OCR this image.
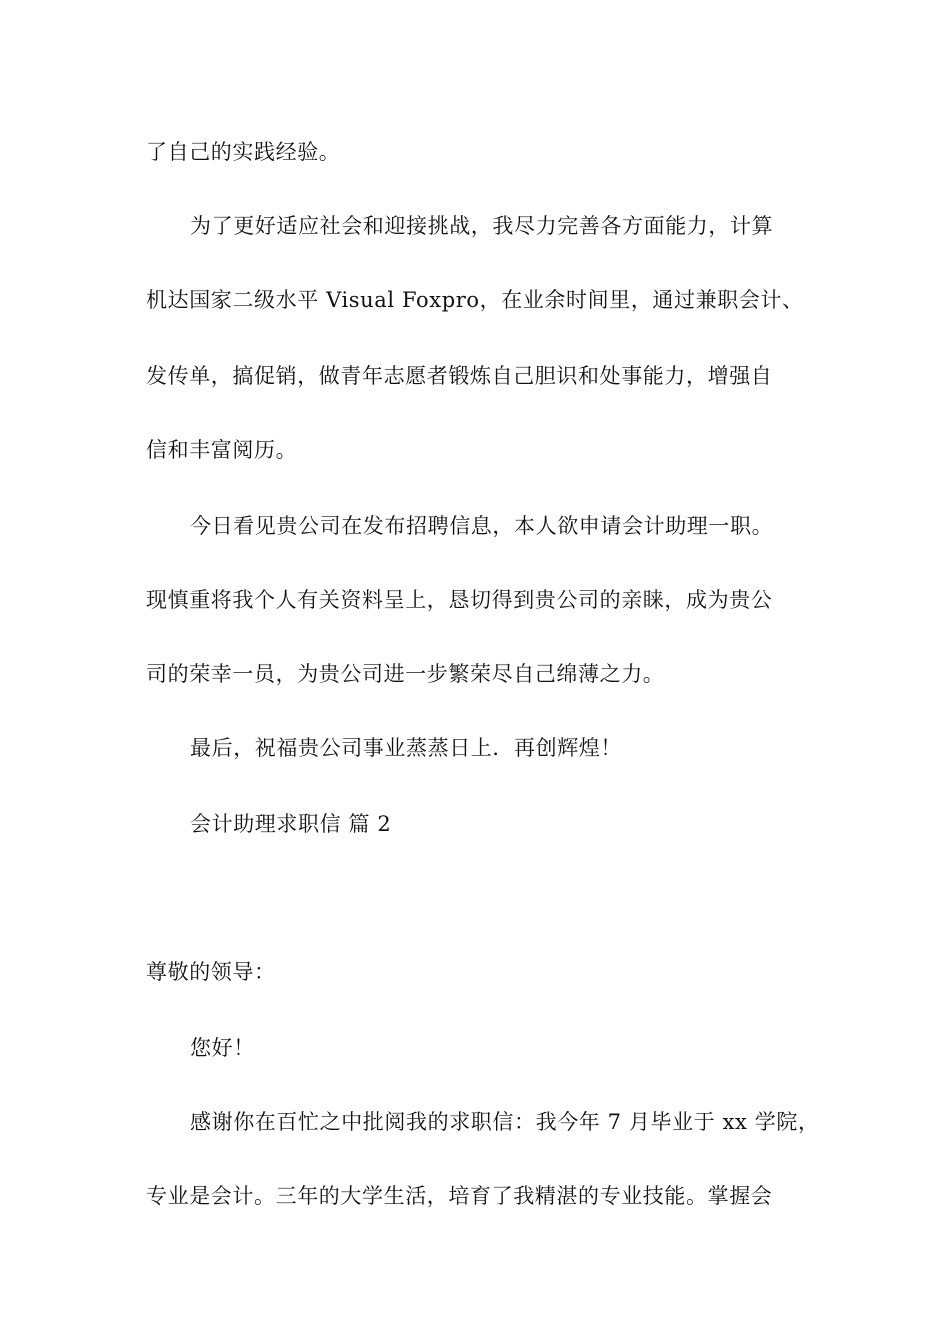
了自己的实践经验。
为了更好适应社会和迎接挑战，我尽力完善各方面能力，计算
机达国家二级水平 Visual Foxpro，在业余时间里，通过兼职会计、
发传单，搞促销，做青年志愿者锻炼自己胆识和处事能力，增强自
信和丰富阅历。
今日看见贵公司在发布招聘信息，本人欲申请会计助理一职。
现慎重将我个人有关资料呈上，恳切得到贵公司的亲睐，成为贵公
司的荣幸一员，为贵公司进一步繁荣尽自己绵薄之力。
最后，祝福贵公司事业蒸蒸日上．再创辉煌！
会计助理求职信 篇 2
尊敬的领导：
您好！
感谢你在百忙之中批阅我的求职信：我今年 7 月毕业于 xx 学院，
专业是会计。三年的大学生活，培育了我精湛的专业技能。掌握会
